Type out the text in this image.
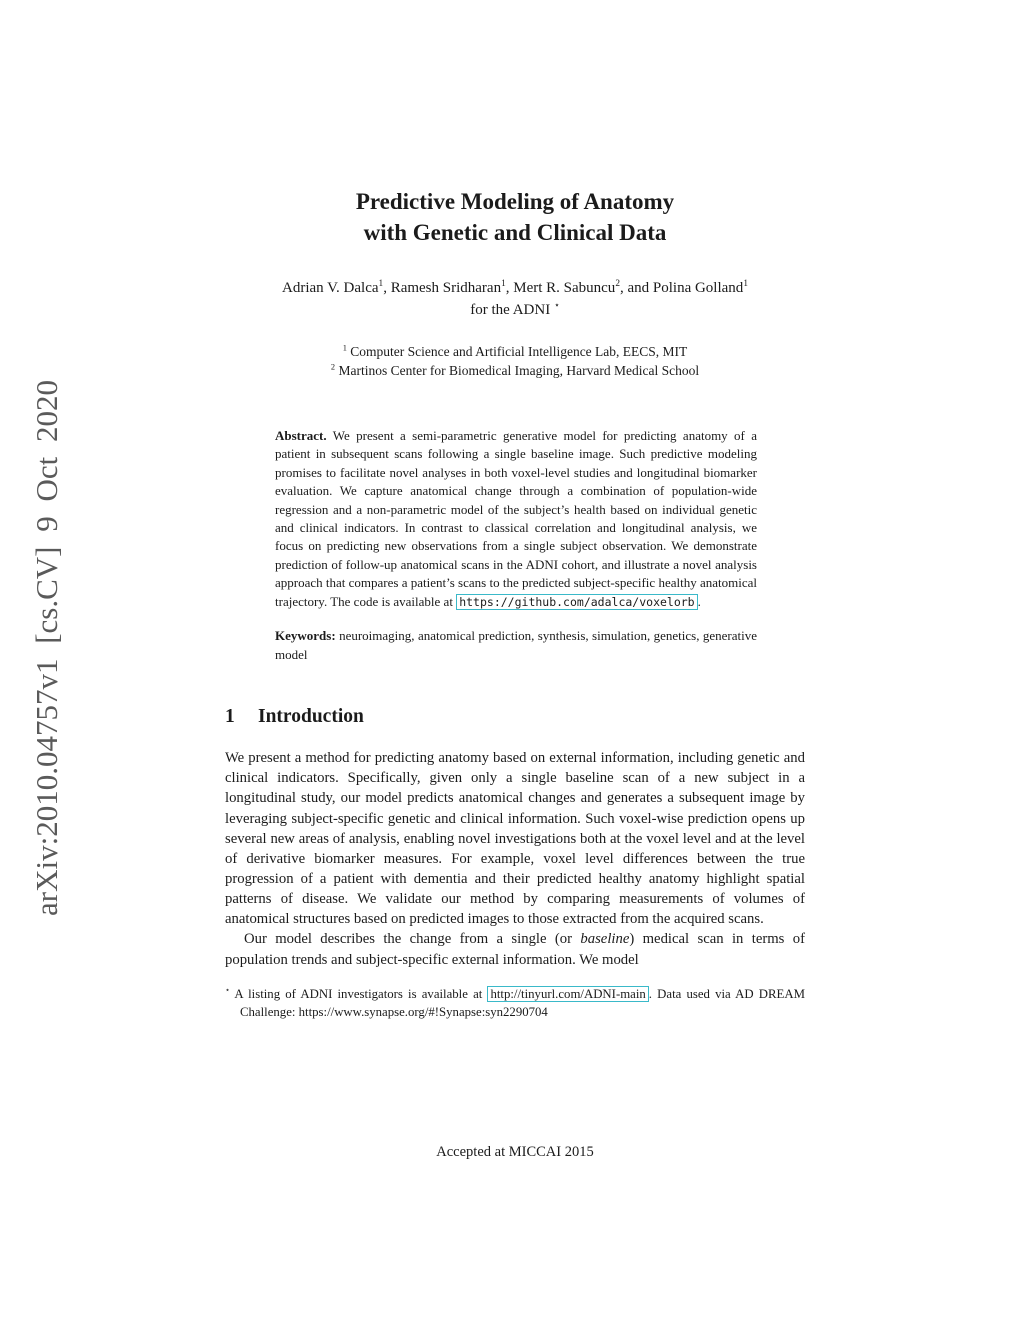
arXiv:2010.04757v1 [cs.CV] 9 Oct 2020
Predictive Modeling of Anatomy
with Genetic and Clinical Data
Adrian V. Dalca$^1$, Ramesh Sridharan$^1$, Mert R. Sabuncu$^2$, and Polina Golland$^1$
for the ADNI ⋆
$^1$ Computer Science and Artificial Intelligence Lab, EECS, MIT
$^2$ Martinos Center for Biomedical Imaging, Harvard Medical School
Abstract. We present a semi-parametric generative model for predicting anatomy of a patient in subsequent scans following a single baseline image. Such predictive modeling promises to facilitate novel analyses in both voxel-level studies and longitudinal biomarker evaluation. We capture anatomical change through a combination of population-wide regression and a non-parametric model of the subject’s health based on individual genetic and clinical indicators. In contrast to classical correlation and longitudinal analysis, we focus on predicting new observations from a single subject observation. We demonstrate prediction of follow-up anatomical scans in the ADNI cohort, and illustrate a novel analysis approach that compares a patient’s scans to the predicted subject-specific healthy anatomical trajectory. The code is available at https://github.com/adalca/voxelorb .
Keywords: neuroimaging, anatomical prediction, synthesis, simulation, genetics, generative model
1 Introduction
We present a method for predicting anatomy based on external information, including genetic and clinical indicators. Specifically, given only a single baseline scan of a new subject in a longitudinal study, our model predicts anatomical changes and generates a subsequent image by leveraging subject-specific genetic and clinical information. Such voxel-wise prediction opens up several new areas of analysis, enabling novel investigations both at the voxel level and at the level of derivative biomarker measures. For example, voxel level differences between the true progression of a patient with dementia and their predicted healthy anatomy highlight spatial patterns of disease. We validate our method by comparing measurements of volumes of anatomical structures based on predicted images to those extracted from the acquired scans.
Our model describes the change from a single (or baseline) medical scan in terms of population trends and subject-specific external information. We model
⋆ A listing of ADNI investigators is available at http://tinyurl.com/ADNI-main . Data used via AD DREAM Challenge: https://www.synapse.org/#!Synapse:syn2290704
Accepted at MICCAI 2015
